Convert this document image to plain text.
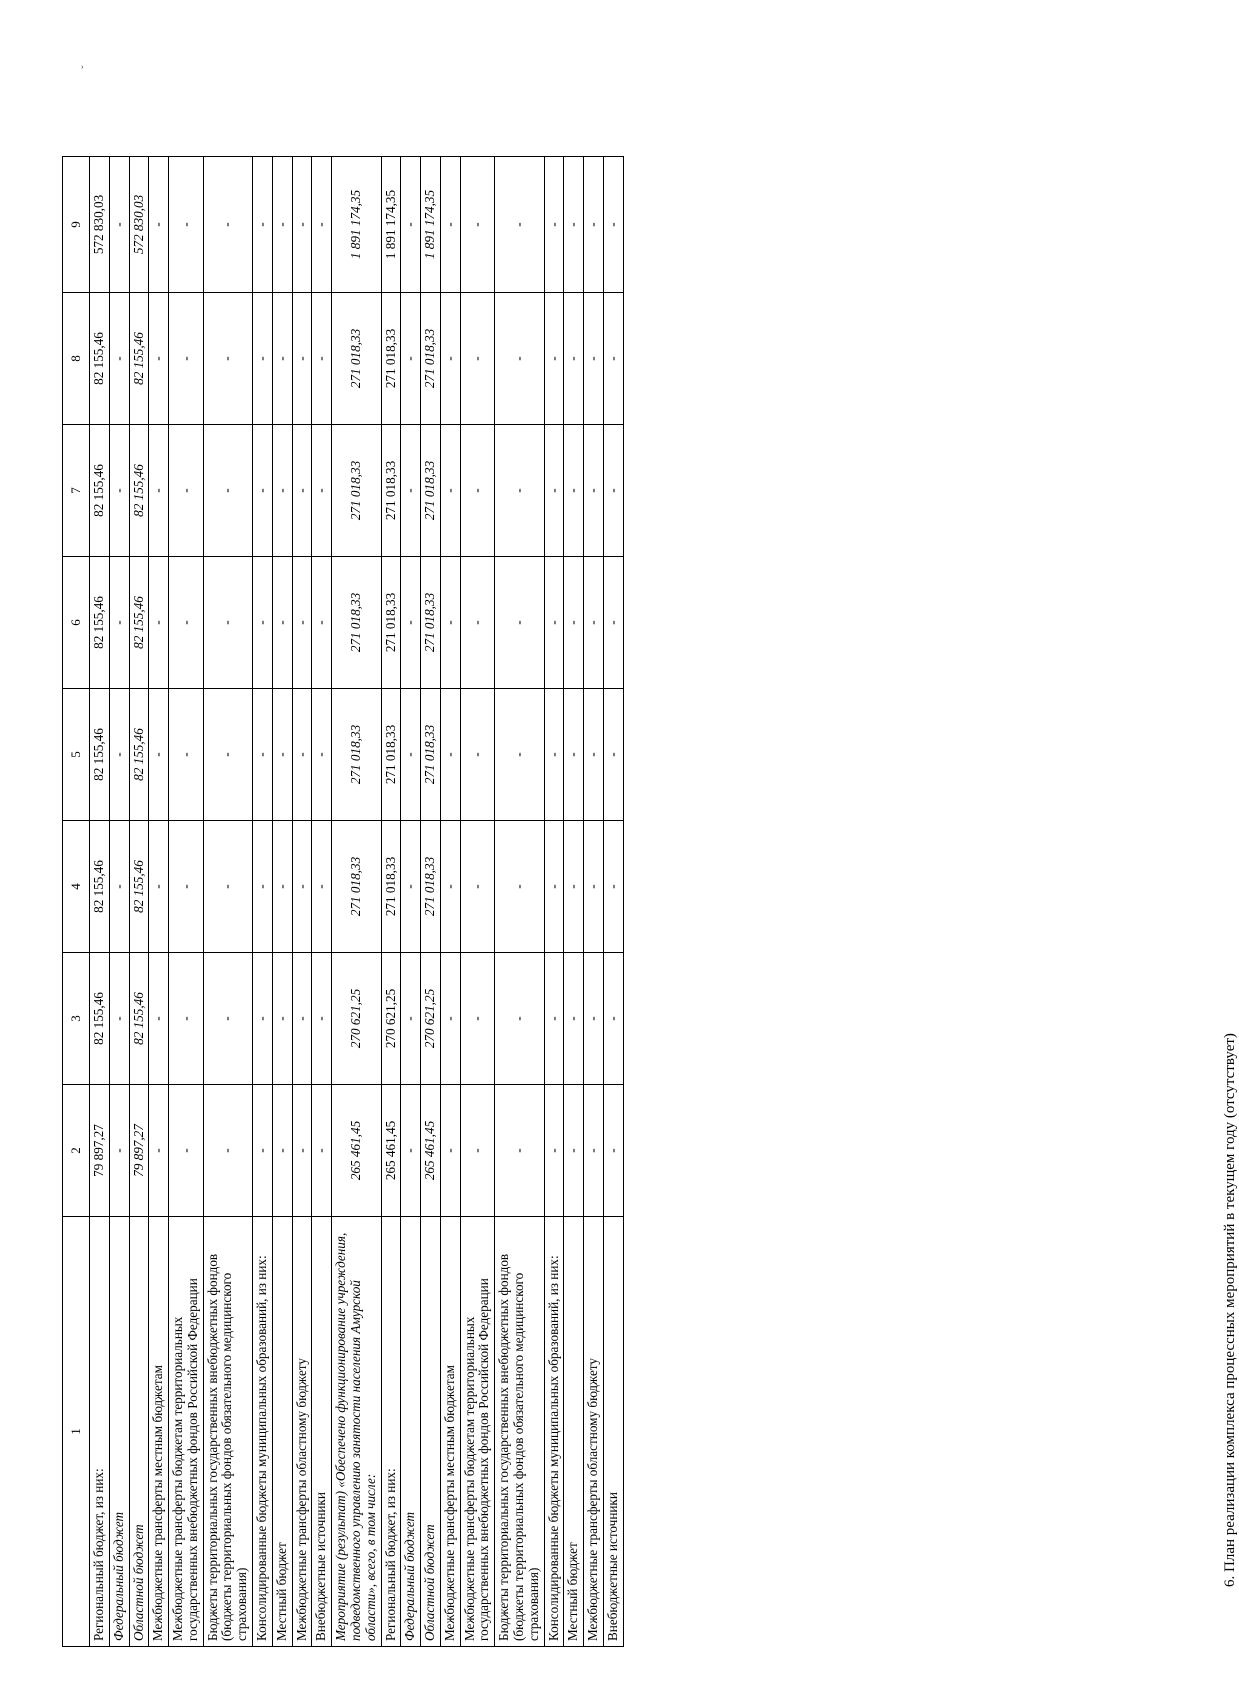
ˇ
1	2	3	4	5	6	7	8	9
Региональный бюджет, из них:	79 897,27	82 155,46	82 155,46	82 155,46	82 155,46	82 155,46	82 155,46	572 830,03
Федеральный бюджет	-	-	-	-	-	-	-	-
Областной бюджет	79 897,27	82 155,46	82 155,46	82 155,46	82 155,46	82 155,46	82 155,46	572 830,03
Межбюджетные трансферты местным бюджетам	-	-	-	-	-	-	-	-
Межбюджетные трансферты бюджетам территориальных государственных внебюджетных фондов Российской Федерации	-	-	-	-	-	-	-	-
Бюджеты территориальных государственных внебюджетных фондов (бюджеты территориальных фондов обязательного медицинского страхования)	-	-	-	-	-	-	-	-
Консолидированные бюджеты муниципальных образований, из них:	-	-	-	-	-	-	-	-
Местный бюджет	-	-	-	-	-	-	-	-
Межбюджетные трансферты областному бюджету	-	-	-	-	-	-	-	-
Внебюджетные источники	-	-	-	-	-	-	-	-
Мероприятие (результат) «Обеспечено функционирование учреждения, подведомственного управлению занятости населения Амурской области», всего, в том числе:	265 461,45	270 621,25	271 018,33	271 018,33	271 018,33	271 018,33	271 018,33	1 891 174,35
Региональный бюджет, из них:	265 461,45	270 621,25	271 018,33	271 018,33	271 018,33	271 018,33	271 018,33	1 891 174,35
Федеральный бюджет	-	-	-	-	-	-	-	-
Областной бюджет	265 461,45	270 621,25	271 018,33	271 018,33	271 018,33	271 018,33	271 018,33	1 891 174,35
Межбюджетные трансферты местным бюджетам	-	-	-	-	-	-	-	-
Межбюджетные трансферты бюджетам территориальных государственных внебюджетных фондов Российской Федерации	-	-	-	-	-	-	-	-
Бюджеты территориальных государственных внебюджетных фондов (бюджеты территориальных фондов обязательного медицинского страхования)	-	-	-	-	-	-	-	-
Консолидированные бюджеты муниципальных образований, из них:	-	-	-	-	-	-	-	-
Местный бюджет	-	-	-	-	-	-	-	-
Межбюджетные трансферты областному бюджету	-	-	-	-	-	-	-	-
Внебюджетные источники	-	-	-	-	-	-	-	-
6. План реализации комплекса процессных мероприятий в текущем году (отсутствует)
